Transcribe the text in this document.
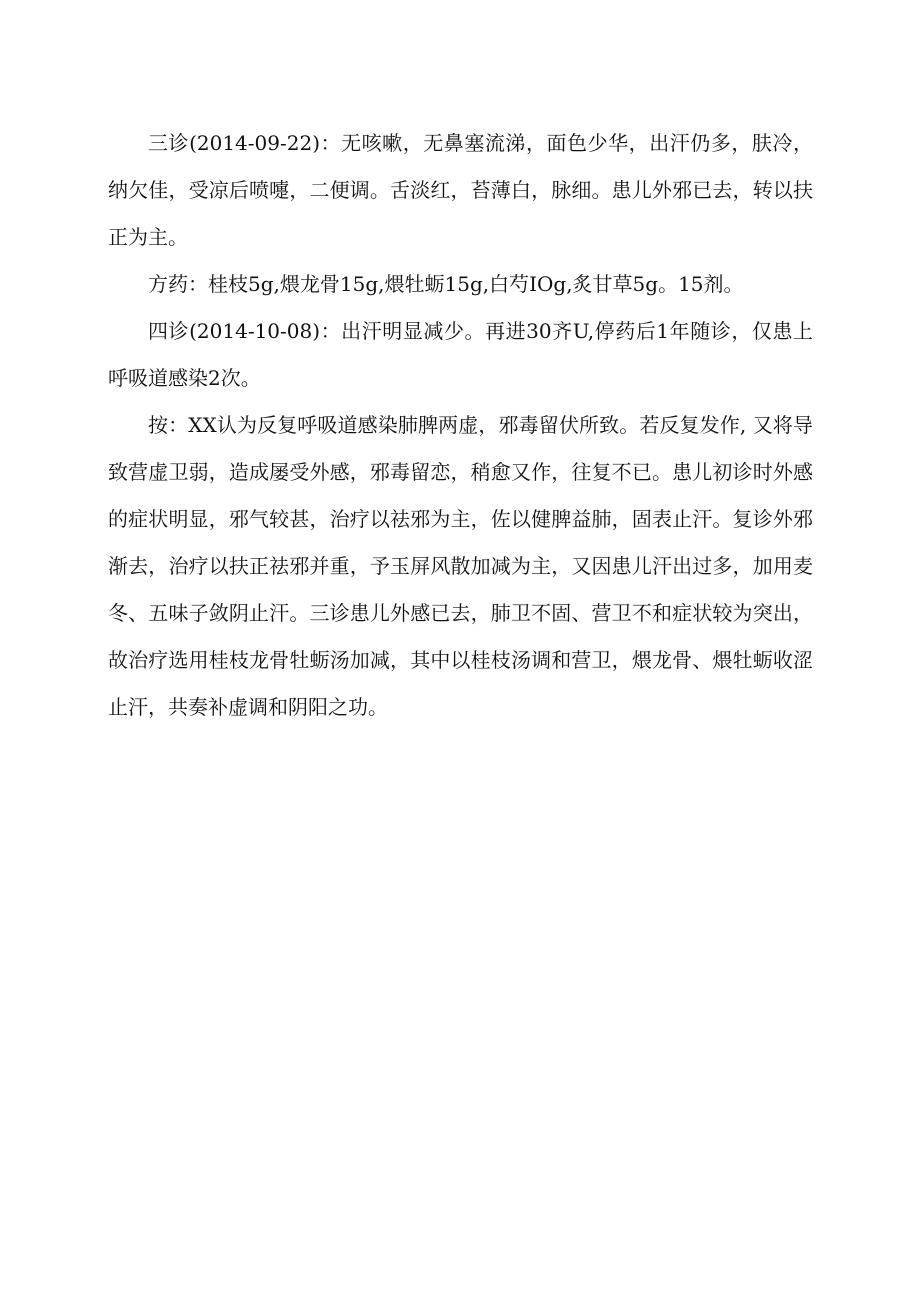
三诊(2014-09-22)：无咳嗽，无鼻塞流涕，面色少华，出汗仍多，肤冷，纳欠佳，受凉后喷嚏，二便调。舌淡红，苔薄白，脉细。患儿外邪已去，转以扶正为主。

方药：桂枝5g,煨龙骨15g,煨牡蛎15g,白芍IOg,炙甘草5g。15剂。

四诊(2014-10-08)：出汗明显减少。再进30齐U,停药后1年随诊，仅患上呼吸道感染2次。

按：XX认为反复呼吸道感染肺脾两虚，邪毒留伏所致。若反复发作, 又将导致营虚卫弱，造成屡受外感，邪毒留恋，稍愈又作，往复不已。患儿初诊时外感的症状明显，邪气较甚，治疗以祛邪为主，佐以健脾益肺，固表止汗。复诊外邪渐去，治疗以扶正祛邪并重，予玉屏风散加减为主，又因患儿汗出过多，加用麦冬、五味子敛阴止汗。三诊患儿外感已去，肺卫不固、营卫不和症状较为突出，故治疗选用桂枝龙骨牡蛎汤加减，其中以桂枝汤调和营卫，煨龙骨、煨牡蛎收涩止汗，共奏补虚调和阴阳之功。
